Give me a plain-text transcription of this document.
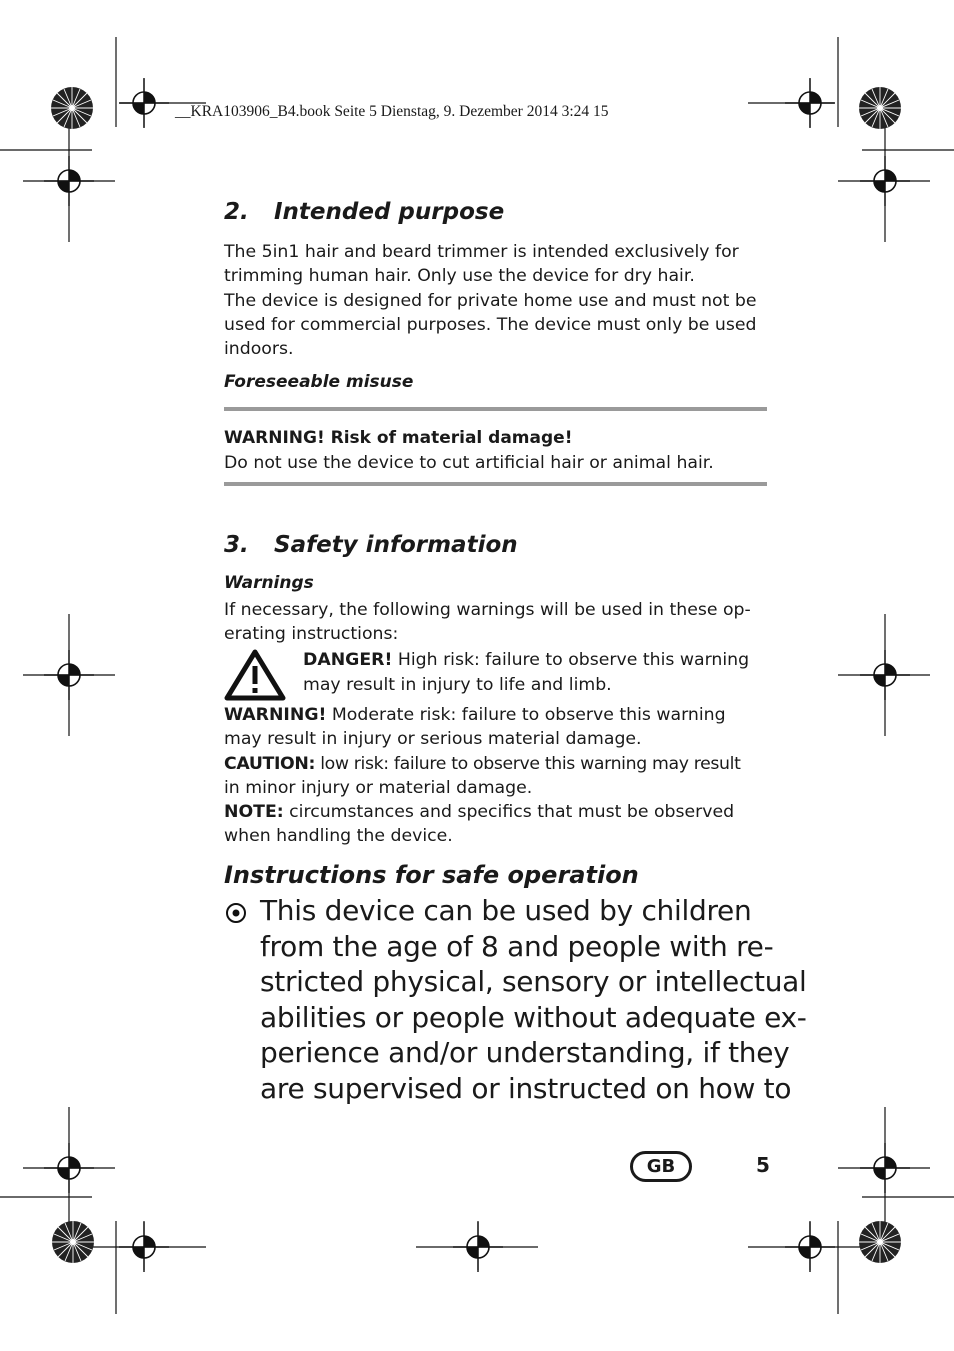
__KRA103906_B4.book Seite 5 Dienstag, 9. Dezember 2014 3:24 15
2. Intended purpose

The 5in1 hair and beard trimmer is intended exclusively for

trimming human hair. Only use the device for dry hair.

The device is designed for private home use and must not be

used for commercial purposes. The device must only be used

indoors.

Foreseeable misuse
WARNING! Risk of material damage!
Do not use the device to cut artificial hair or animal hair.
3. Safety information
Warnings

If necessary, the following warnings will be used in these op-

erating instructions:

DANGER! High risk: failure to observe this warning
may result in injury to life and limb.

WARNING! Moderate risk: failure to observe this warning

may result in injury or serious material damage.

CAUTION: low risk: failure to observe this warning may result

in minor injury or material damage.

NOTE: circumstances and specifics that must be observed

when handling the device.

Instructions for safe operation
This device can be used by children
from the age of 8 and people with re-
stricted physical, sensory or intellectual
abilities or people without adequate ex-
perience and/or understanding, if they
are supervised or instructed on how to
GB	5
